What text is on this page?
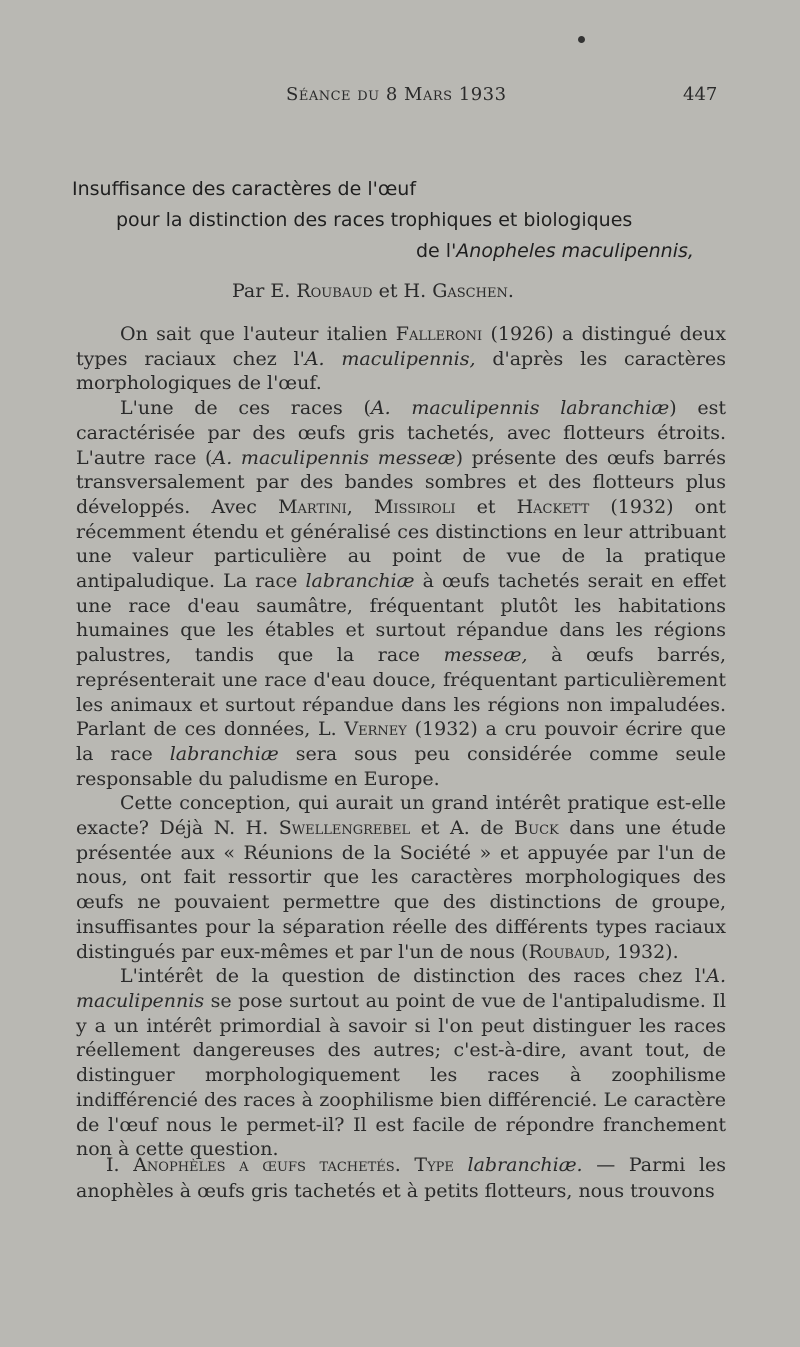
Séance du 8 Mars 1933	447
Insuffisance des caractères de l'œuf
pour la distinction des races trophiques et biologiques
de l'Anopheles maculipennis,
Par E. Roubaud et H. Gaschen.

On sait que l'auteur italien Falleroni (1926) a distingué deux types raciaux chez l'A. maculipennis, d'après les caractères morphologiques de l'œuf.

L'une de ces races (A. maculipennis labranchiæ) est caractérisée par des œufs gris tachetés, avec flotteurs étroits. L'autre race (A. maculipennis messeæ) présente des œufs barrés transversalement par des bandes sombres et des flotteurs plus développés. Avec Martini, Missiroli et Hackett (1932) ont récemment étendu et généralisé ces distinctions en leur attribuant une valeur particulière au point de vue de la pratique antipaludique. La race labranchiæ à œufs tachetés serait en effet une race d'eau saumâtre, fréquentant plutôt les habitations humaines que les étables et surtout répandue dans les régions palustres, tandis que la race messeæ, à œufs barrés, représenterait une race d'eau douce, fréquentant particulièrement les animaux et surtout répandue dans les régions non impaludées. Parlant de ces données, L. Verney (1932) a cru pouvoir écrire que la race labranchiæ sera sous peu considérée comme seule responsable du paludisme en Europe.

Cette conception, qui aurait un grand intérêt pratique est-elle exacte? Déjà N. H. Swellengrebel et A. de Buck dans une étude présentée aux « Réunions de la Société » et appuyée par l'un de nous, ont fait ressortir que les caractères morphologiques des œufs ne pouvaient permettre que des distinctions de groupe, insuffisantes pour la séparation réelle des différents types raciaux distingués par eux-mêmes et par l'un de nous (Roubaud, 1932).

L'intérêt de la question de distinction des races chez l'A. maculipennis se pose surtout au point de vue de l'antipaludisme. Il y a un intérêt primordial à savoir si l'on peut distinguer les races réellement dangereuses des autres; c'est-à-dire, avant tout, de distinguer morphologiquement les races à zoophilisme indifférencié des races à zoophilisme bien différencié. Le caractère de l'œuf nous le permet-il? Il est facile de répondre franchement non à cette question.

I. Anophèles a œufs tachetés. Type labranchiæ. — Parmi les anophèles à œufs gris tachetés et à petits flotteurs, nous trouvons
